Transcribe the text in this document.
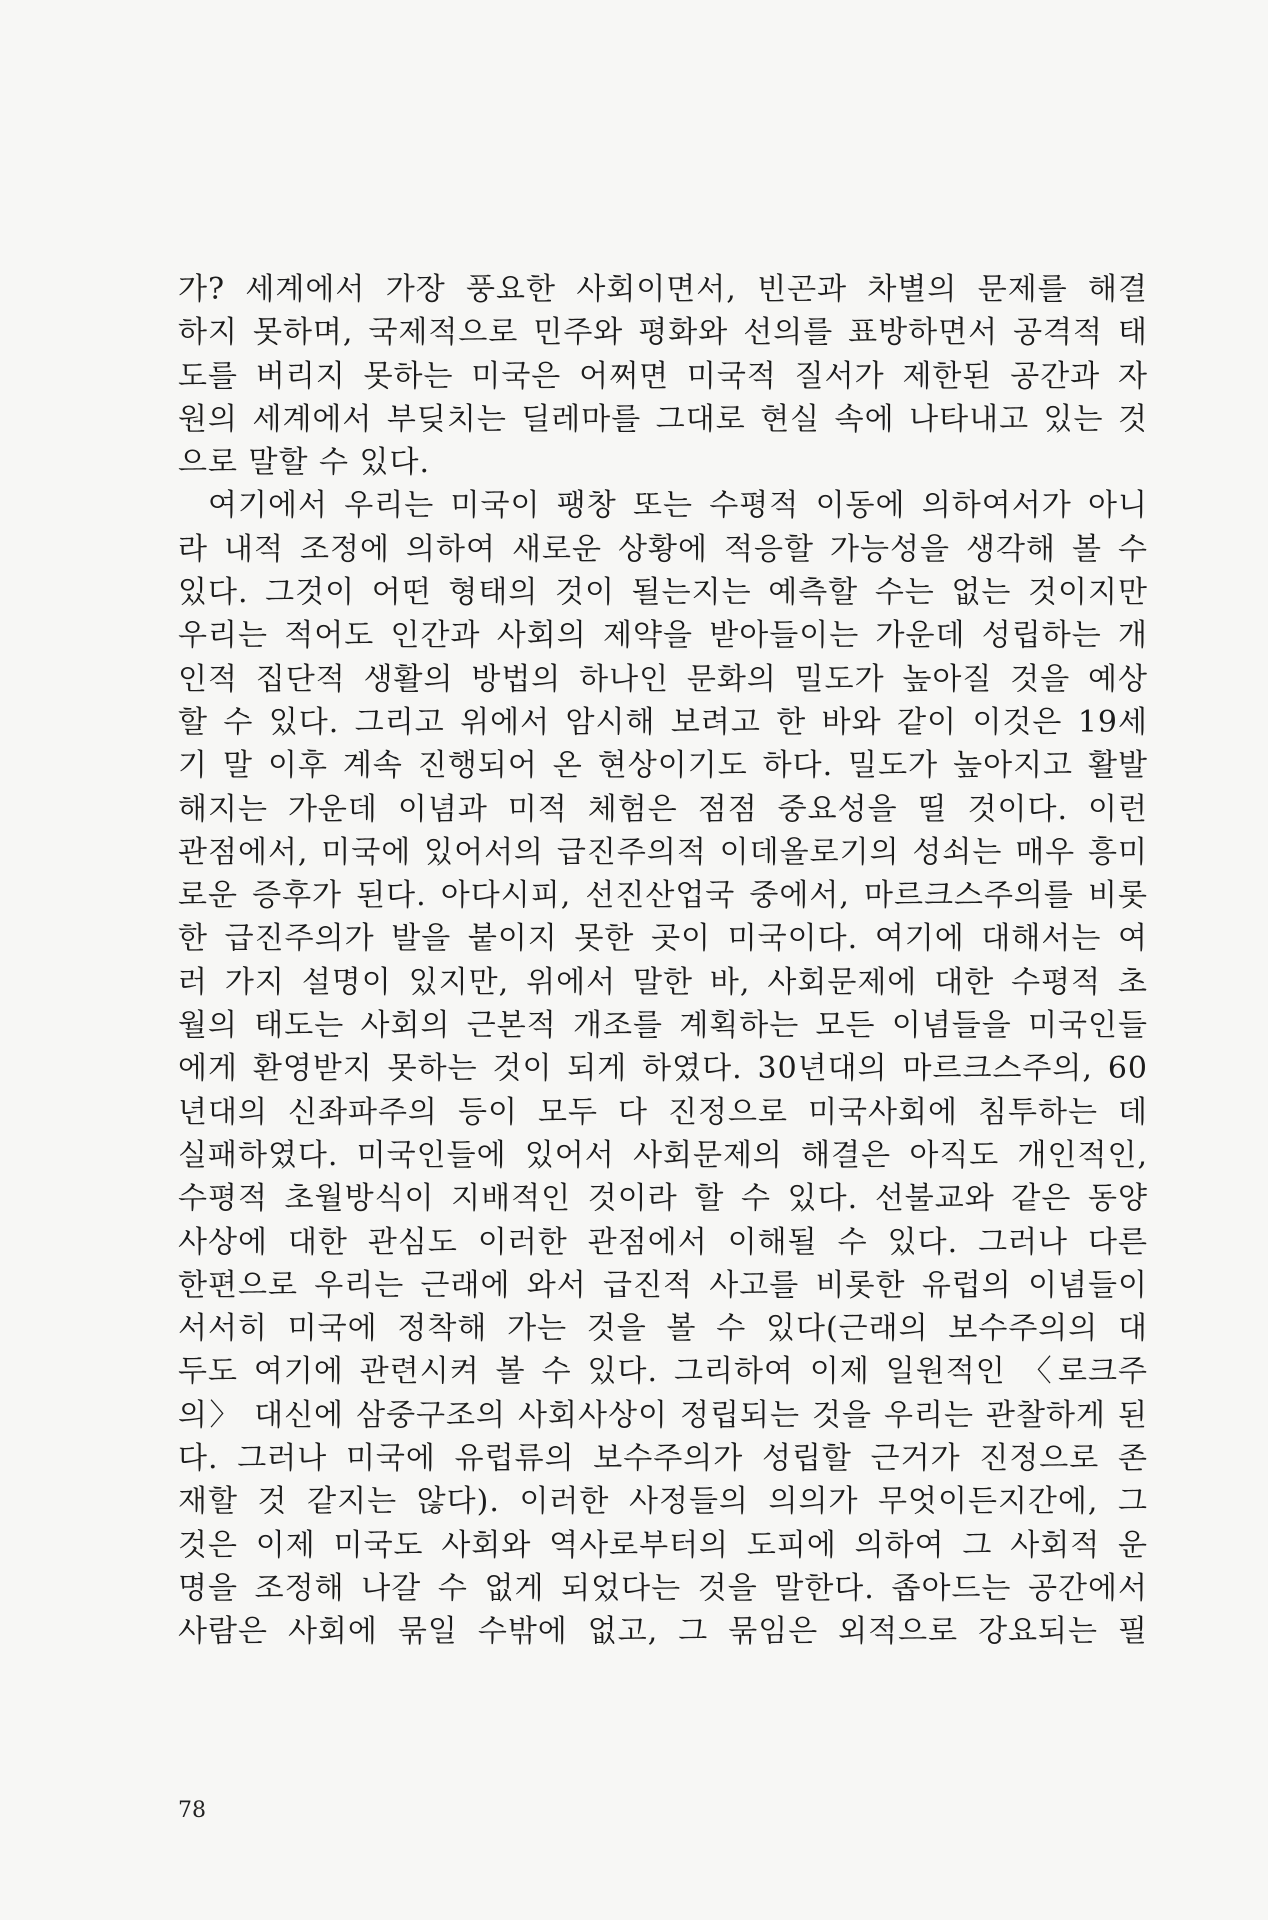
가? 세계에서 가장 풍요한 사회이면서, 빈곤과 차별의 문제를 해결
하지 못하며, 국제적으로 민주와 평화와 선의를 표방하면서 공격적 태
도를 버리지 못하는 미국은 어쩌면 미국적 질서가 제한된 공간과 자
원의 세계에서 부딪치는 딜레마를 그대로 현실 속에 나타내고 있는 것
으로 말할 수 있다.
여기에서 우리는 미국이 팽창 또는 수평적 이동에 의하여서가 아니
라 내적 조정에 의하여 새로운 상황에 적응할 가능성을 생각해 볼 수
있다. 그것이 어떤 형태의 것이 될는지는 예측할 수는 없는 것이지만
우리는 적어도 인간과 사회의 제약을 받아들이는 가운데 성립하는 개
인적 집단적 생활의 방법의 하나인 문화의 밀도가 높아질 것을 예상
할 수 있다. 그리고 위에서 암시해 보려고 한 바와 같이 이것은 19세
기 말 이후 계속 진행되어 온 현상이기도 하다. 밀도가 높아지고 활발
해지는 가운데 이념과 미적 체험은 점점 중요성을 띨 것이다. 이런
관점에서, 미국에 있어서의 급진주의적 이데올로기의 성쇠는 매우 흥미
로운 증후가 된다. 아다시피, 선진산업국 중에서, 마르크스주의를 비롯
한 급진주의가 발을 붙이지 못한 곳이 미국이다. 여기에 대해서는 여
러 가지 설명이 있지만, 위에서 말한 바, 사회문제에 대한 수평적 초
월의 태도는 사회의 근본적 개조를 계획하는 모든 이념들을 미국인들
에게 환영받지 못하는 것이 되게 하였다. 30년대의 마르크스주의, 60
년대의 신좌파주의 등이 모두 다 진정으로 미국사회에 침투하는 데
실패하였다. 미국인들에 있어서 사회문제의 해결은 아직도 개인적인,
수평적 초월방식이 지배적인 것이라 할 수 있다. 선불교와 같은 동양
사상에 대한 관심도 이러한 관점에서 이해될 수 있다. 그러나 다른
한편으로 우리는 근래에 와서 급진적 사고를 비롯한 유럽의 이념들이
서서히 미국에 정착해 가는 것을 볼 수 있다(근래의 보수주의의 대
두도 여기에 관련시켜 볼 수 있다. 그리하여 이제 일원적인 〈로크주
의〉 대신에 삼중구조의 사회사상이 정립되는 것을 우리는 관찰하게 된
다. 그러나 미국에 유럽류의 보수주의가 성립할 근거가 진정으로 존
재할 것 같지는 않다). 이러한 사정들의 의의가 무엇이든지간에, 그
것은 이제 미국도 사회와 역사로부터의 도피에 의하여 그 사회적 운
명을 조정해 나갈 수 없게 되었다는 것을 말한다. 좁아드는 공간에서
사람은 사회에 묶일 수밖에 없고, 그 묶임은 외적으로 강요되는 필
78
